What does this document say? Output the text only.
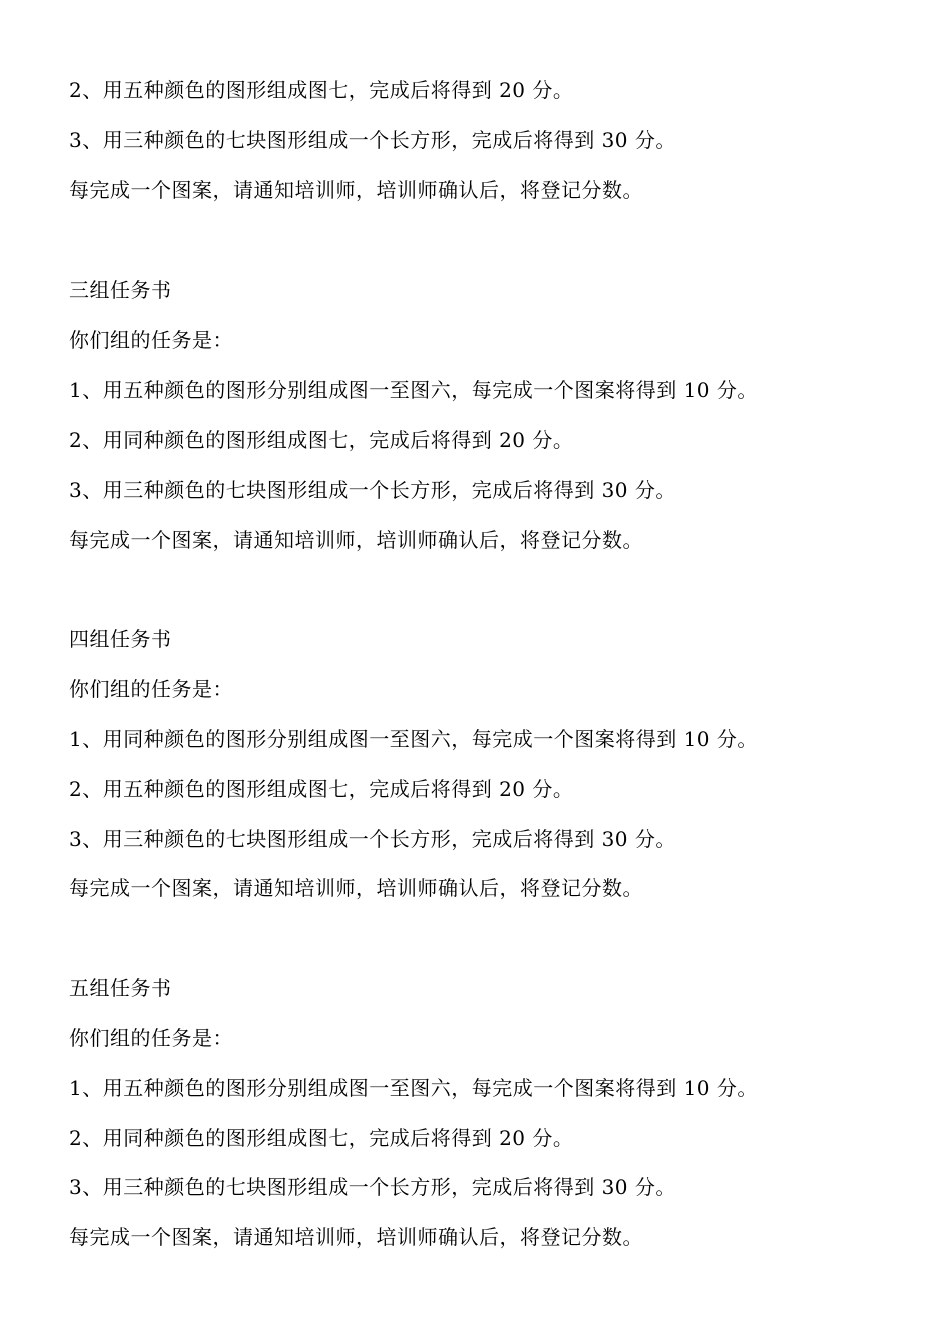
2、用五种颜色的图形组成图七，完成后将得到 20 分。
3、用三种颜色的七块图形组成一个长方形，完成后将得到 30 分。
每完成一个图案，请通知培训师，培训师确认后，将登记分数。
三组任务书
你们组的任务是：
1、用五种颜色的图形分别组成图一至图六，每完成一个图案将得到 10 分。
2、用同种颜色的图形组成图七，完成后将得到 20 分。
3、用三种颜色的七块图形组成一个长方形，完成后将得到 30 分。
每完成一个图案，请通知培训师，培训师确认后，将登记分数。
四组任务书
你们组的任务是：
1、用同种颜色的图形分别组成图一至图六，每完成一个图案将得到 10 分。
2、用五种颜色的图形组成图七，完成后将得到 20 分。
3、用三种颜色的七块图形组成一个长方形，完成后将得到 30 分。
每完成一个图案，请通知培训师，培训师确认后，将登记分数。
五组任务书
你们组的任务是：
1、用五种颜色的图形分别组成图一至图六，每完成一个图案将得到 10 分。
2、用同种颜色的图形组成图七，完成后将得到 20 分。
3、用三种颜色的七块图形组成一个长方形，完成后将得到 30 分。
每完成一个图案，请通知培训师，培训师确认后，将登记分数。
